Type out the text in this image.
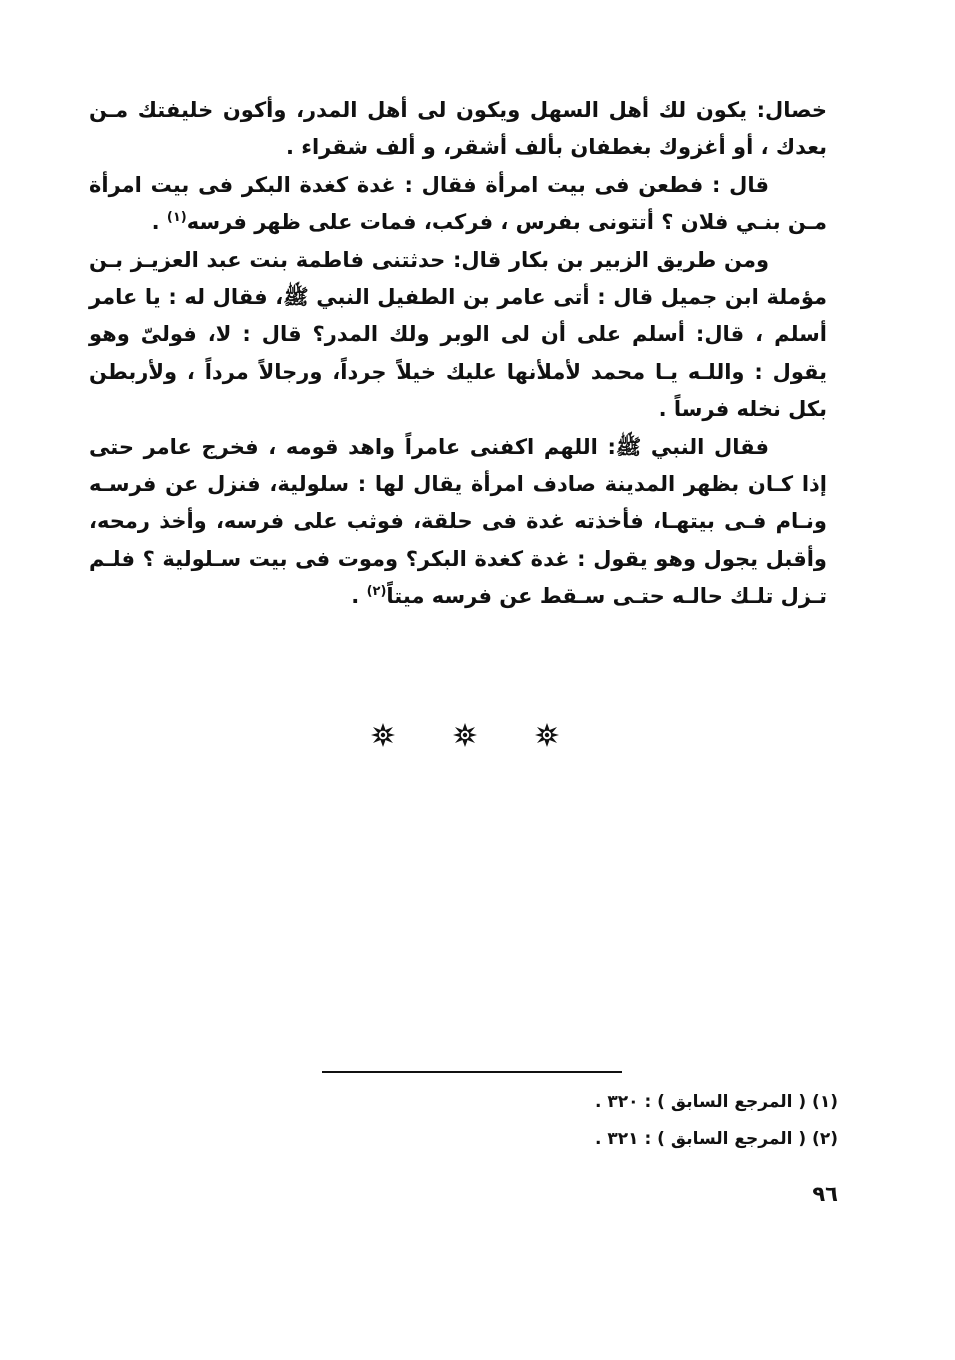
خصال: يكون لك أهل السهل ويكون لى أهل المدر، وأكون خليفتك مـن بعدك ، أو أغزوك بغطفان بألف أشقر، و ألف شقراء .

قال : فطعن فى بيت امرأة فقال : غدة كغدة البكر فى بيت امرأة مـن بنـي فلان ؟ أتتونى بفرس ، فركب، فمات على ظهر فرسه$^{(١)}$ .

ومن طريق الزبير بن بكار قال: حدثتنى فاطمة بنت عبد العزيـز بـن مؤملة ابن جميل قال : أتى عامر بن الطفيل النبي ﷺ، فقال له : يا عامر أسلم ، قال: أسلم على أن لى الوبر ولك المدر؟ قال : لا، فولىّ وهو يقول : واللـه يـا محمد لأملأنها عليك خيلاً جرداً، ورجالاً مرداً ، ولأربطن بكل نخله فرساً .

فقال النبي ﷺ: اللهم اكفنى عامراً واهد قومه ، فخرج عامر حتى إذا كـان بظهر المدينة صادف امرأة يقال لها : سلولية، فنزل عن فرسـه ونـام فـى بيتهـا، فأخذته غدة فى حلقة، فوثب على فرسه، وأخذ رمحه، وأقبل يجول وهو يقول : غدة كغدة البكر؟ وموت فى بيت سـلولية ؟ فلـم تـزل تلـك حالـه حتـى سـقط عن فرسه ميتاً$^{(٢)}$ .

(١) ( المرجع السابق ) : ٣٢٠ .

(٢) ( المرجع السابق ) : ٣٢١ .

٩٦
